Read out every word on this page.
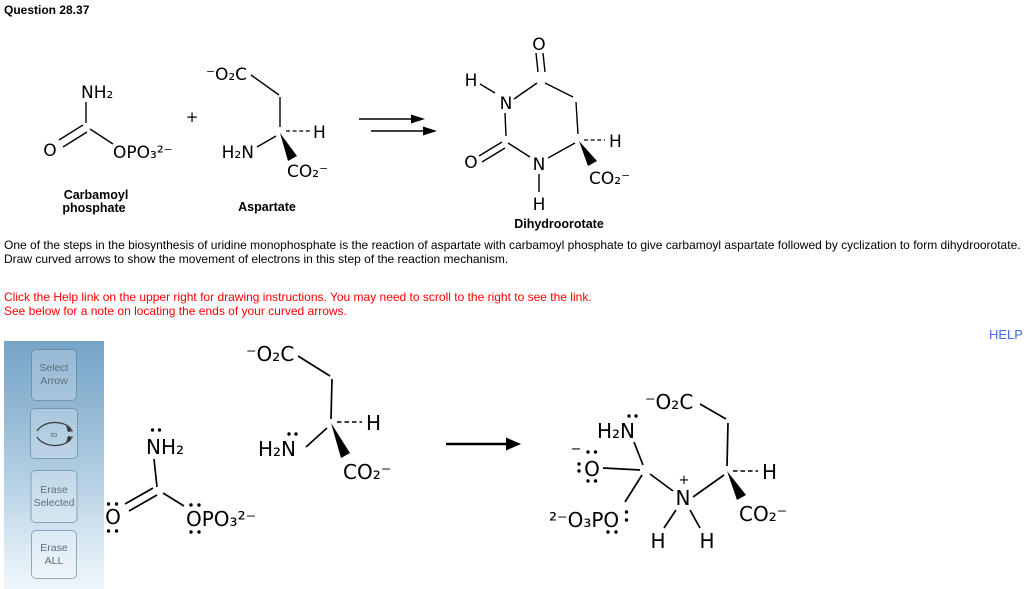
Question 28.37
NH₂
O	OPO₃²⁻
Carbamoyl
phosphate
+
⁻O₂C
H
H₂N
CO₂⁻
Aspartate
O
H
N
O	N
H
H
CO₂⁻
Dihydroorotate
One of the steps in the biosynthesis of uridine monophosphate is the reaction of aspartate with carbamoyl phosphate to give carbamoyl aspartate followed by cyclization to form dihydroorotate.
Draw curved arrows to show the movement of electrons in this step of the reaction mechanism.
Click the Help link on the upper right for drawing instructions. You may need to scroll to the right to see the link.
See below for a note on locating the ends of your curved arrows.
HELP
Select
Arrow
to
Erase
Selected
Erase
ALL
NH₂
O	OPO₃²⁻
⁻O₂C
H
H₂N
CO₂⁻
H₂N
−
O
²⁻O₃PO
+
N
H H
⁻O₂C
H
CO₂⁻
